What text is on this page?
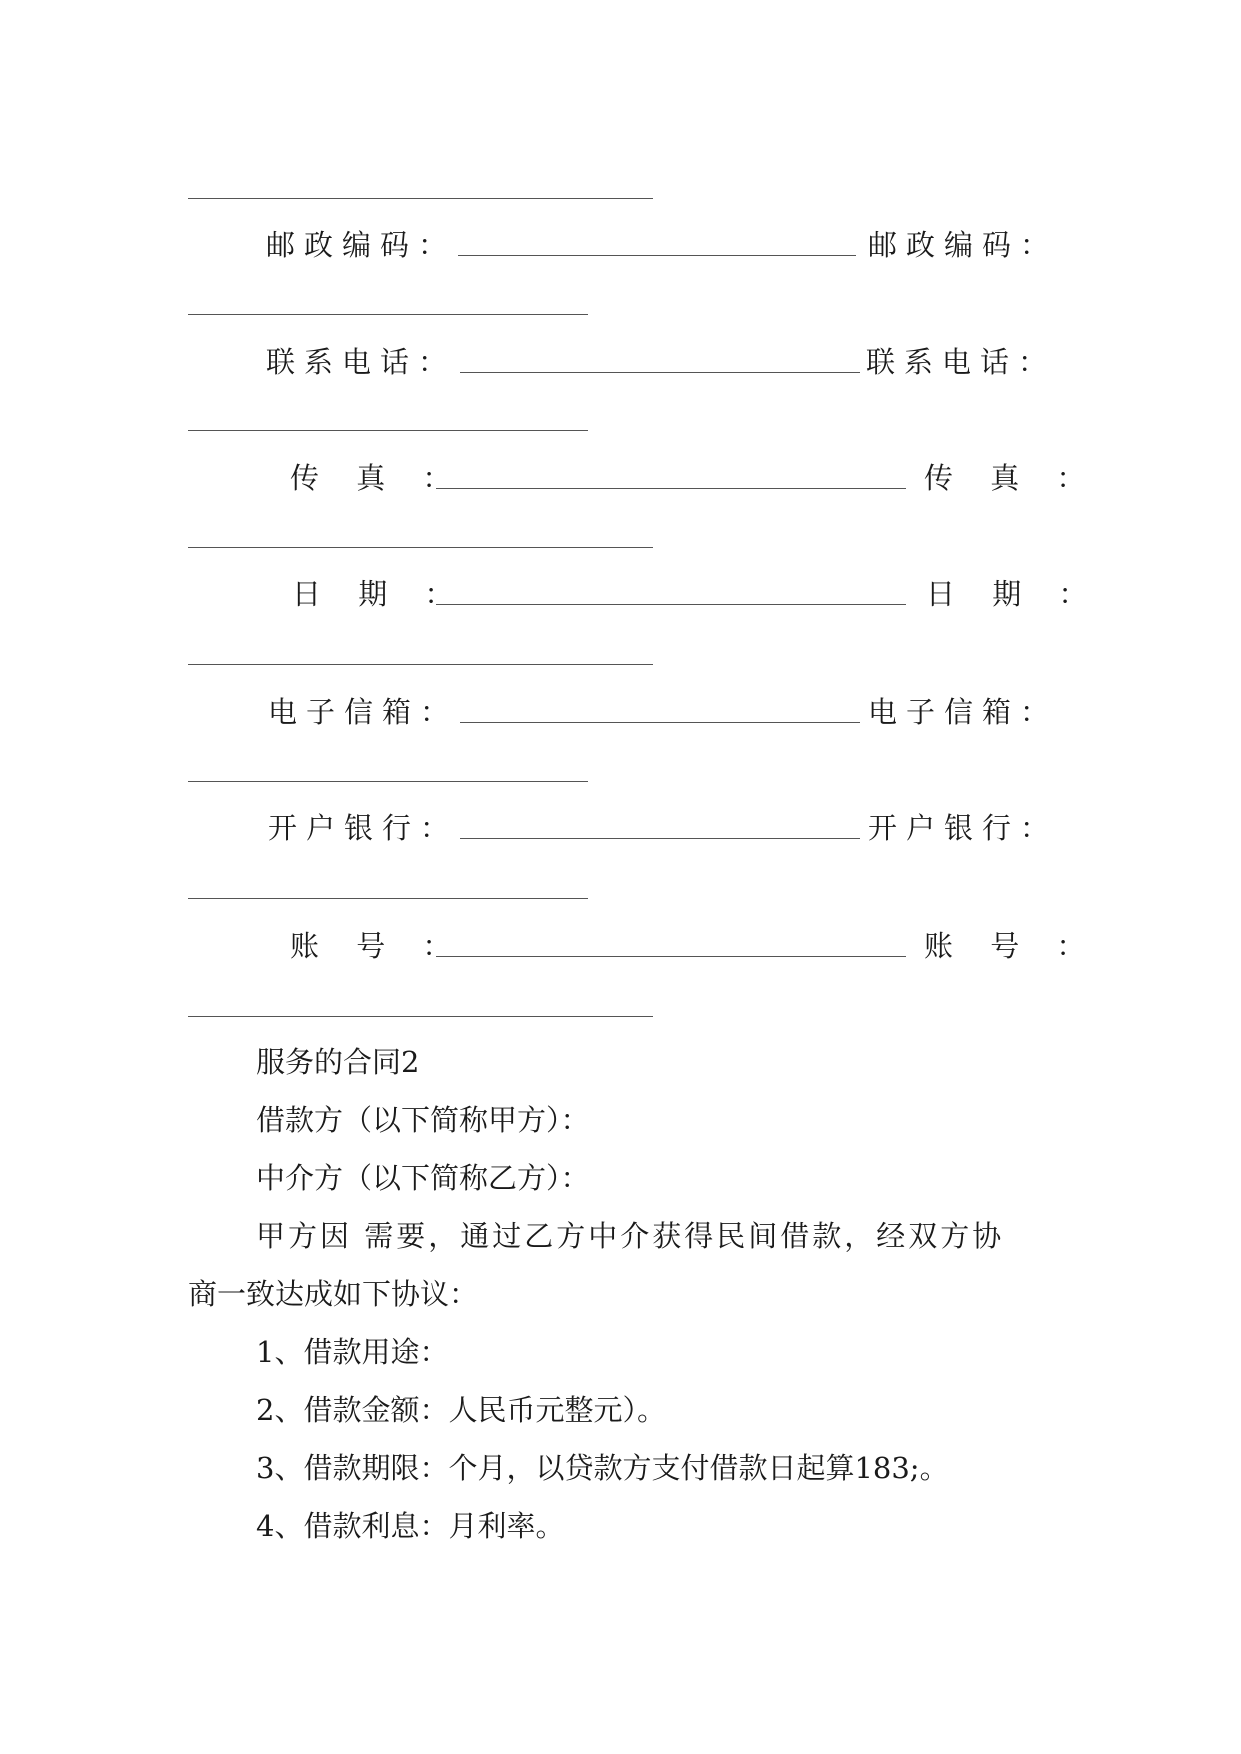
邮政编码：	邮政编码：
联系电话：	联系电话：
传 真 ：	传 真 ：
日 期 ：	日 期 ：
电子信箱：	电子信箱：
开户银行：	开户银行：
账 号 ：	账 号 ：
服务的合同2
借款方（以下简称甲方）：
中介方（以下简称乙方）：
甲方因 需要，通过乙方中介获得民间借款，经双方协
商一致达成如下协议：
1、借款用途：
2、借款金额：人民币元整元）。
3、借款期限：个月，以贷款方支付借款日起算183;。
4、借款利息：月利率。
